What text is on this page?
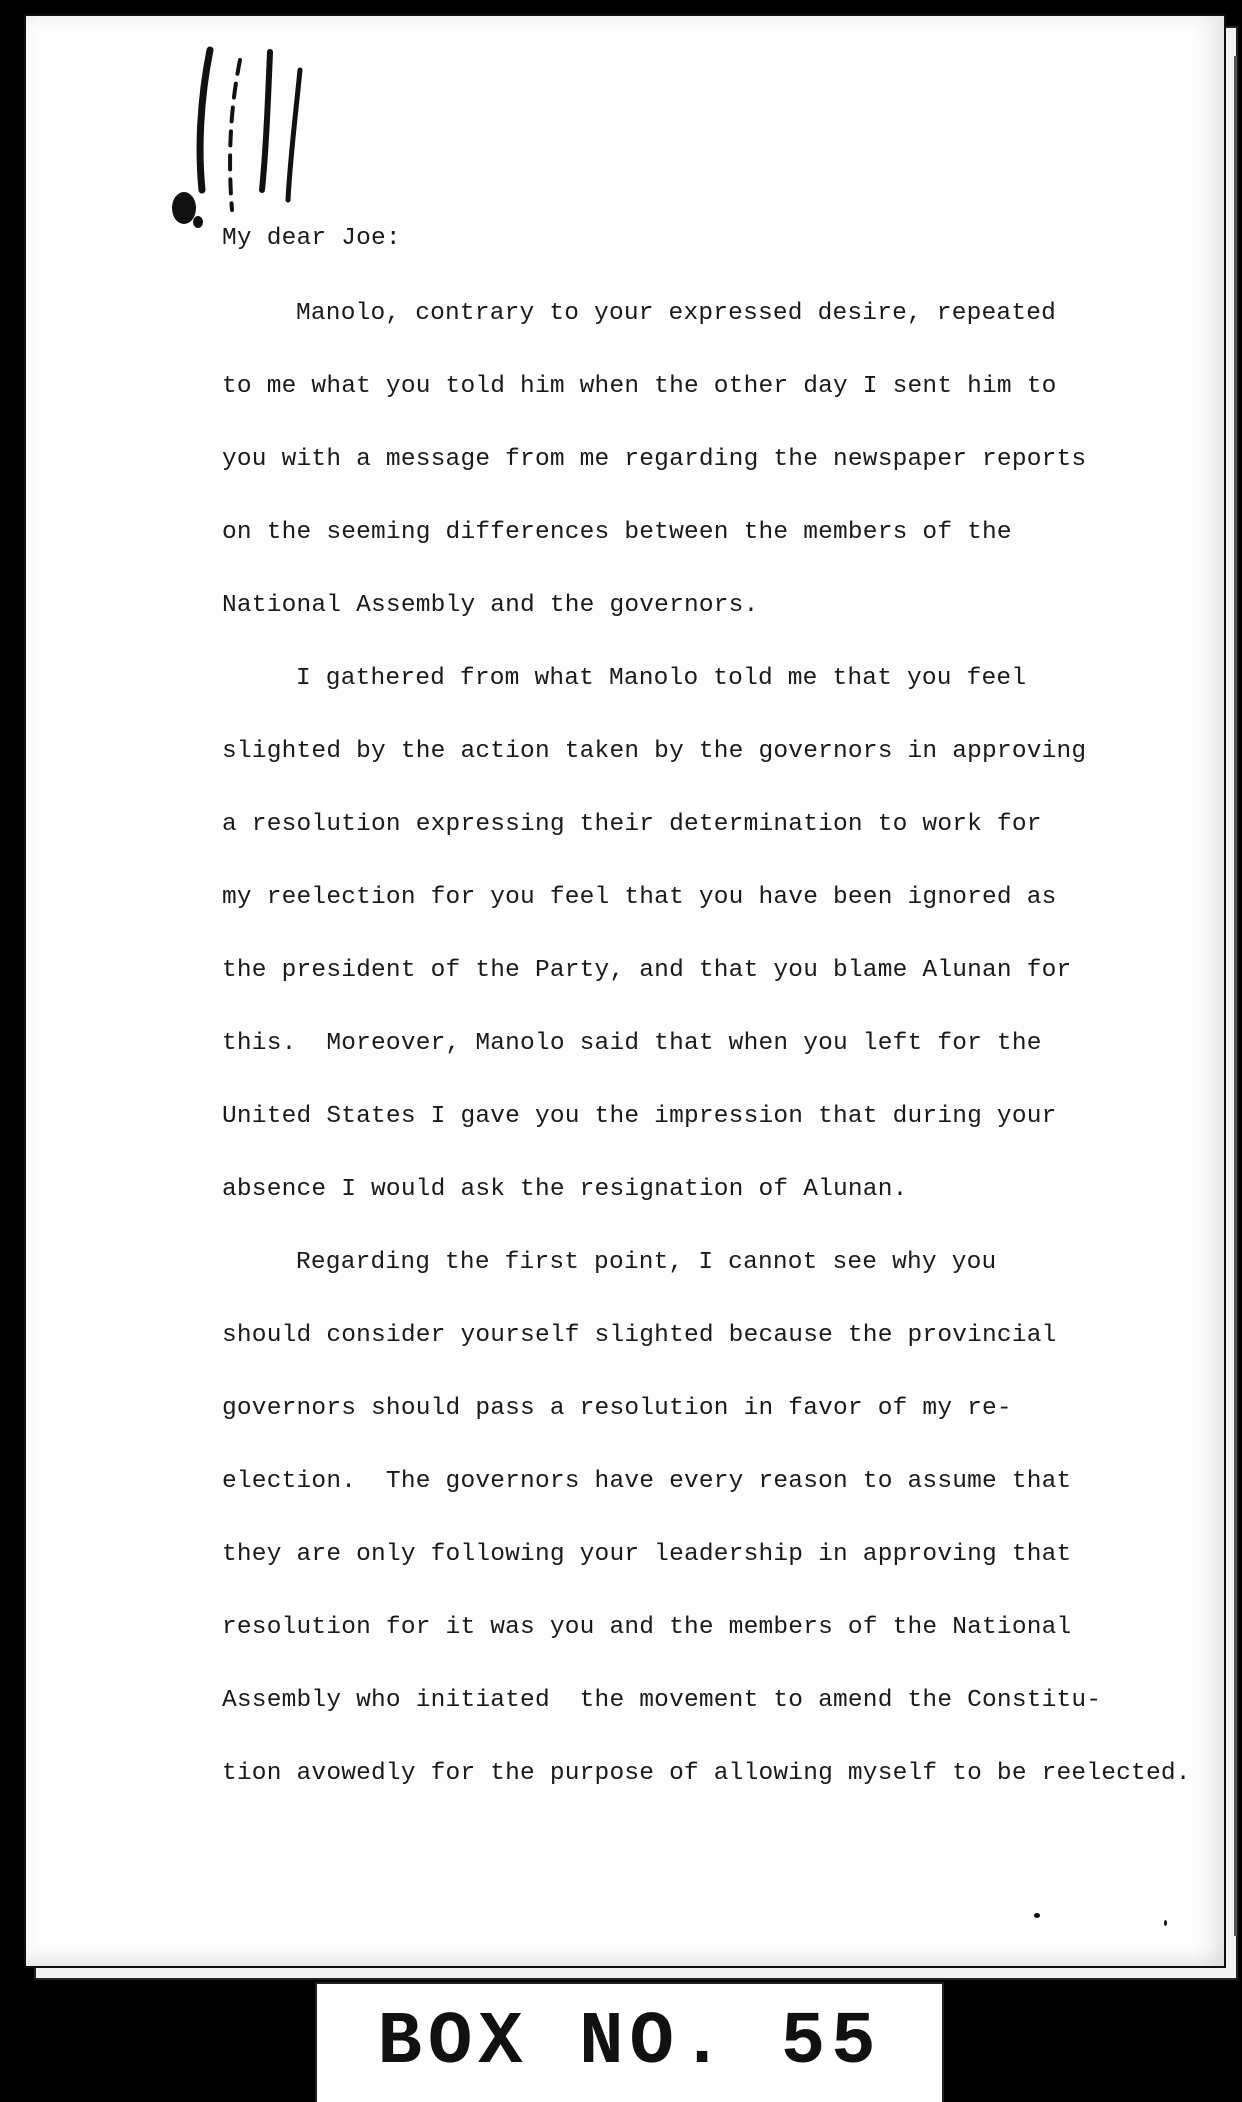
My dear Joe:
Manolo, contrary to your expressed desire, repeated
to me what you told him when the other day I sent him to
you with a message from me regarding the newspaper reports
on the seeming differences between the members of the
National Assembly and the governors.
I gathered from what Manolo told me that you feel
slighted by the action taken by the governors in approving
a resolution expressing their determination to work for
my reelection for you feel that you have been ignored as
the president of the Party, and that you blame Alunan for
this.  Moreover, Manolo said that when you left for the
United States I gave you the impression that during your
absence I would ask the resignation of Alunan.
Regarding the first point, I cannot see why you
should consider yourself slighted because the provincial
governors should pass a resolution in favor of my re-
election.  The governors have every reason to assume that
they are only following your leadership in approving that
resolution for it was you and the members of the National
Assembly who initiated  the movement to amend the Constitu-
tion avowedly for the purpose of allowing myself to be reelected.
BOX NO. 55
